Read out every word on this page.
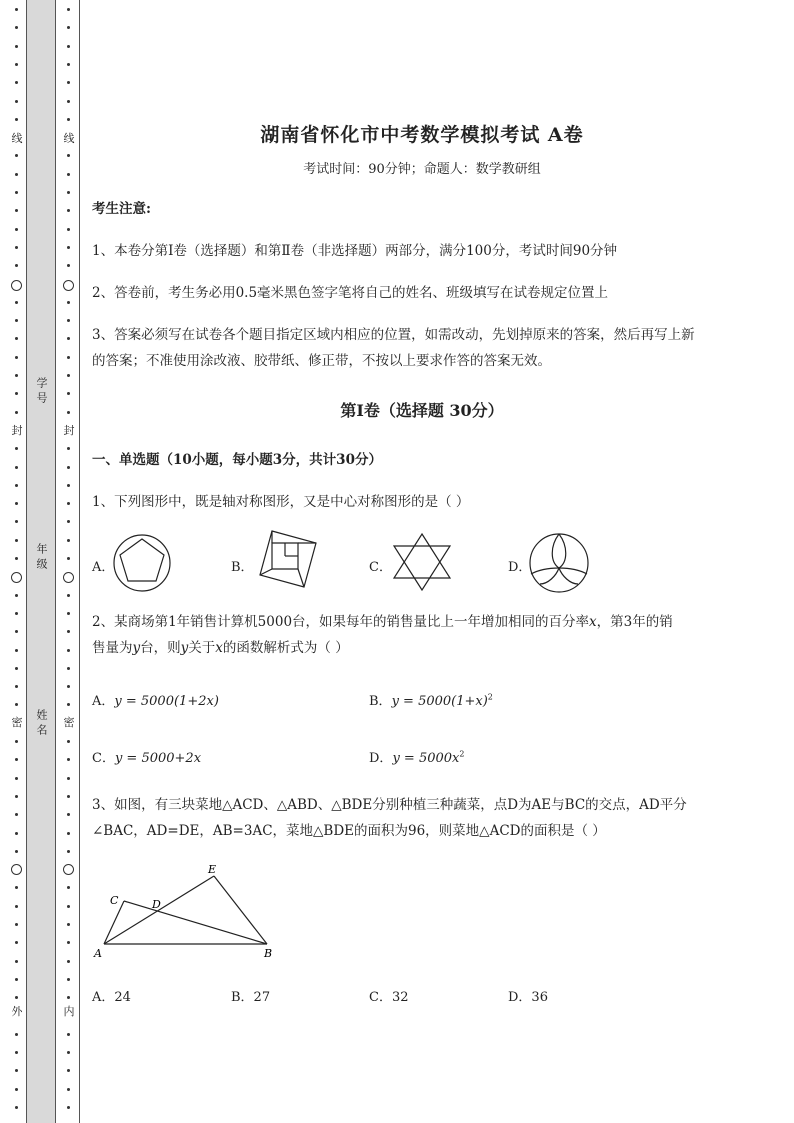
线
封
密
外
学号
年级
姓名
线
封
密
内
湖南省怀化市中考数学模拟考试 A卷
考试时间：90分钟；命题人：数学教研组
考生注意:
1、本卷分第I卷（选择题）和第Ⅱ卷（非选择题）两部分，满分100分，考试时间90分钟
2、答卷前，考生务必用0.5毫米黑色签字笔将自己的姓名、班级填写在试卷规定位置上
3、答案必须写在试卷各个题目指定区域内相应的位置，如需改动，先划掉原来的答案，然后再写上新
的答案；不准使用涂改液、胶带纸、修正带，不按以上要求作答的答案无效。
第I卷（选择题 30分）
一、单选题（10小题，每小题3分，共计30分）
1、下列图形中，既是轴对称图形，又是中心对称图形的是（ ）
A．	B．	C．	D．
2、某商场第1年销售计算机5000台，如果每年的销售量比上一年增加相同的百分率x，第3年的销
售量为y台，则y关于x的函数解析式为（ ）
A．y = 5000(1+2x)	B．$y = 5000(1+x)^2$
C．y = 5000+2x	D．$y = 5000x^2$
3、如图，有三块菜地△ACD、△ABD、△BDE分别种植三种蔬菜，点D为AE与BC的交点，AD平分
∠BAC，AD=DE，AB=3AC，菜地△BDE的面积为96，则菜地△ACD的面积是（ ）
E
C	D
A	B
A．24	B．27	C．32	D．36
